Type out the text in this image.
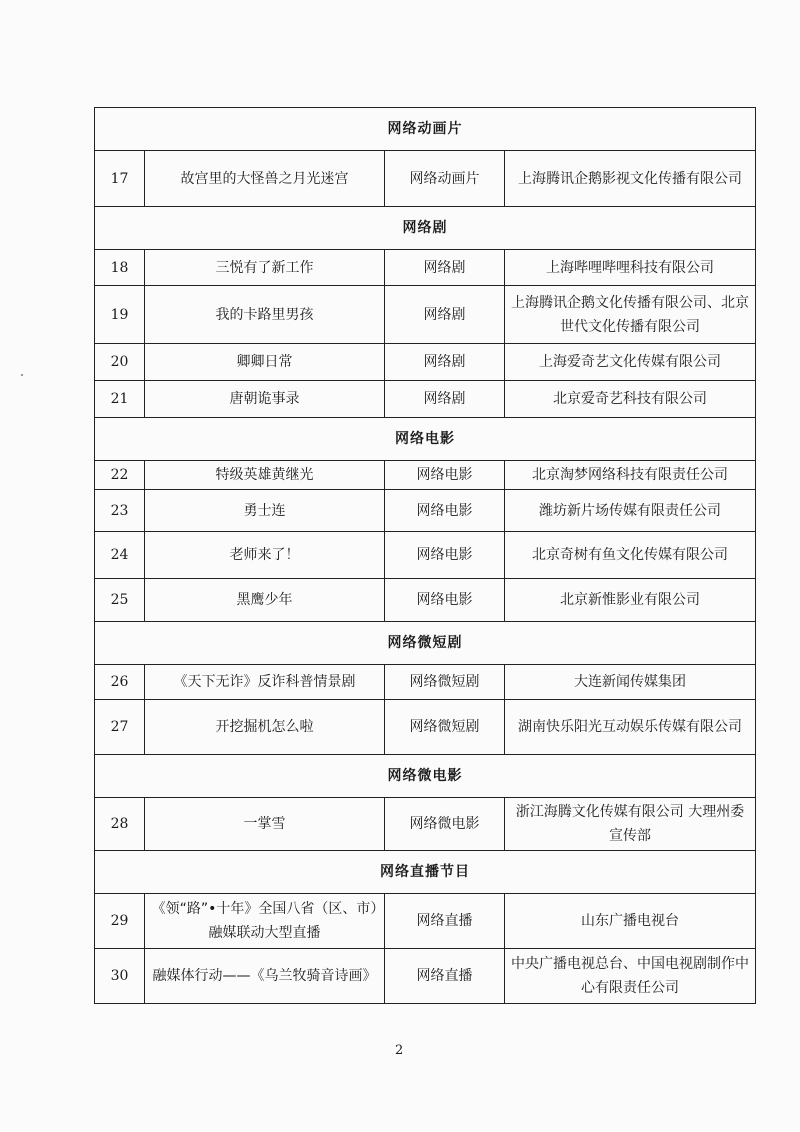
网络动画片			
17	故宫里的大怪兽之月光迷宫	网络动画片	上海腾讯企鹅影视文化传播有限公司
网络剧			
18	三悦有了新工作	网络剧	上海哔哩哔哩科技有限公司
19	我的卡路里男孩	网络剧	上海腾讯企鹅文化传播有限公司、北京世代文化传播有限公司
20	卿卿日常	网络剧	上海爱奇艺文化传媒有限公司
21	唐朝诡事录	网络剧	北京爱奇艺科技有限公司
网络电影			
22	特级英雄黄继光	网络电影	北京淘梦网络科技有限责任公司
23	勇士连	网络电影	潍坊新片场传媒有限责任公司
24	老师来了！	网络电影	北京奇树有鱼文化传媒有限公司
25	黑鹰少年	网络电影	北京新惟影业有限公司
网络微短剧			
26	《天下无诈》反诈科普情景剧	网络微短剧	大连新闻传媒集团
27	开挖掘机怎么啦	网络微短剧	湖南快乐阳光互动娱乐传媒有限公司
网络微电影			
28	一掌雪	网络微电影	浙江海腾文化传媒有限公司 大理州委宣传部
网络直播节目			
29	《领“路”•十年》全国八省（区、市）融媒联动大型直播	网络直播	山东广播电视台
30	融媒体行动——《乌兰牧骑音诗画》	网络直播	中央广播电视总台、中国电视剧制作中心有限责任公司
2
